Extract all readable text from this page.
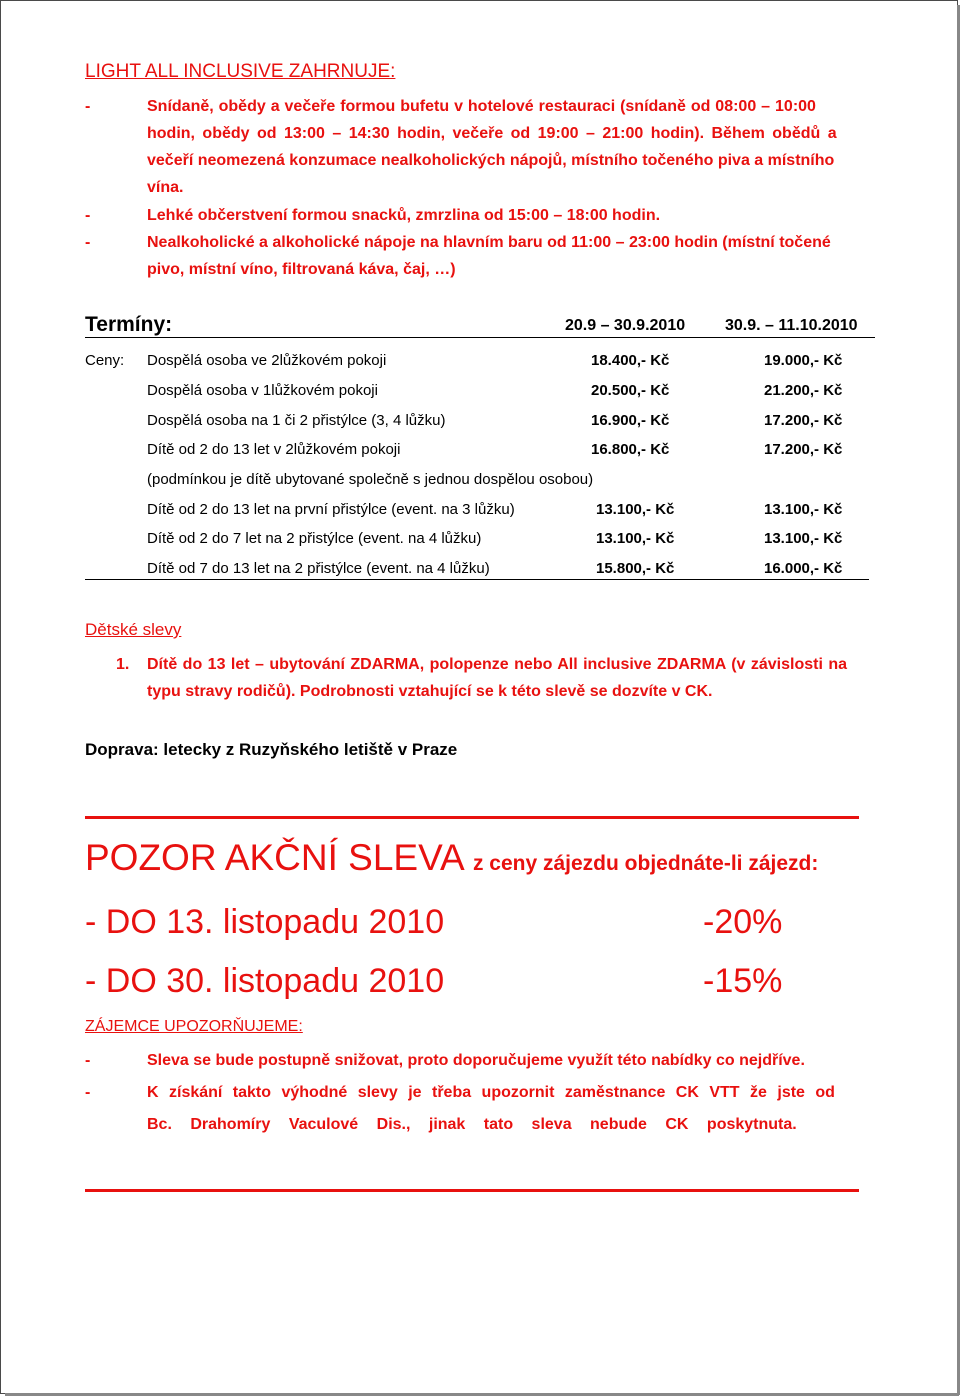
LIGHT ALL INCLUSIVE ZAHRNUJE:
-	Snídaně, obědy a večeře formou bufetu v hotelové restauraci (snídaně od 08:00 – 10:00
hodin, obědy od 13:00 – 14:30 hodin, večeře od 19:00 – 21:00 hodin). Během obědů a
večeří neomezená konzumace nealkoholických nápojů, místního točeného piva a místního
vína.
-	Lehké občerstvení formou snacků, zmrzlina od 15:00 – 18:00 hodin.
-	Nealkoholické a alkoholické nápoje na hlavním baru od 11:00 – 23:00 hodin (místní točené
pivo, místní víno, filtrovaná káva, čaj, …)
Termíny:	20.9 – 30.9.2010 30.9. – 11.10.2010
Ceny: Dospělá osoba ve 2lůžkovém pokoji	18.400,- Kč	19.000,- Kč
Dospělá osoba v 1lůžkovém pokoji	20.500,- Kč	21.200,- Kč
Dospělá osoba na 1 či 2 přistýlce (3, 4 lůžku)	16.900,- Kč	17.200,- Kč
Dítě od 2 do 13 let v 2lůžkovém pokoji	16.800,- Kč	17.200,- Kč
(podmínkou je dítě ubytované společně s jednou dospělou osobou)
Dítě od 2 do 13 let na první přistýlce (event. na 3 lůžku)	13.100,- Kč	13.100,- Kč
Dítě od 2 do 7 let na 2 přistýlce (event. na 4 lůžku)	13.100,- Kč	13.100,- Kč
Dítě od 7 do 13 let na 2 přistýlce (event. na 4 lůžku)	15.800,- Kč	16.000,- Kč
Dětské slevy
1. Dítě do 13 let – ubytování ZDARMA, polopenze nebo All inclusive ZDARMA (v závislosti na
typu stravy rodičů). Podrobnosti vztahující se k této slevě se dozvíte v CK.
Doprava: letecky z Ruzyňského letiště v Praze
POZOR AKČNÍ SLEVA z ceny zájezdu objednáte-li zájezd:
- DO 13. listopadu 2010	-20%
- DO 30. listopadu 2010	-15%
ZÁJEMCE UPOZORŇUJEME:
-	Sleva se bude postupně snižovat, proto doporučujeme využít této nabídky co nejdříve.
-	K získání takto výhodné slevy je třeba upozornit zaměstnance CK VTT že jste od
Bc. Drahomíry Vaculové Dis., jinak tato sleva nebude CK poskytnuta.
